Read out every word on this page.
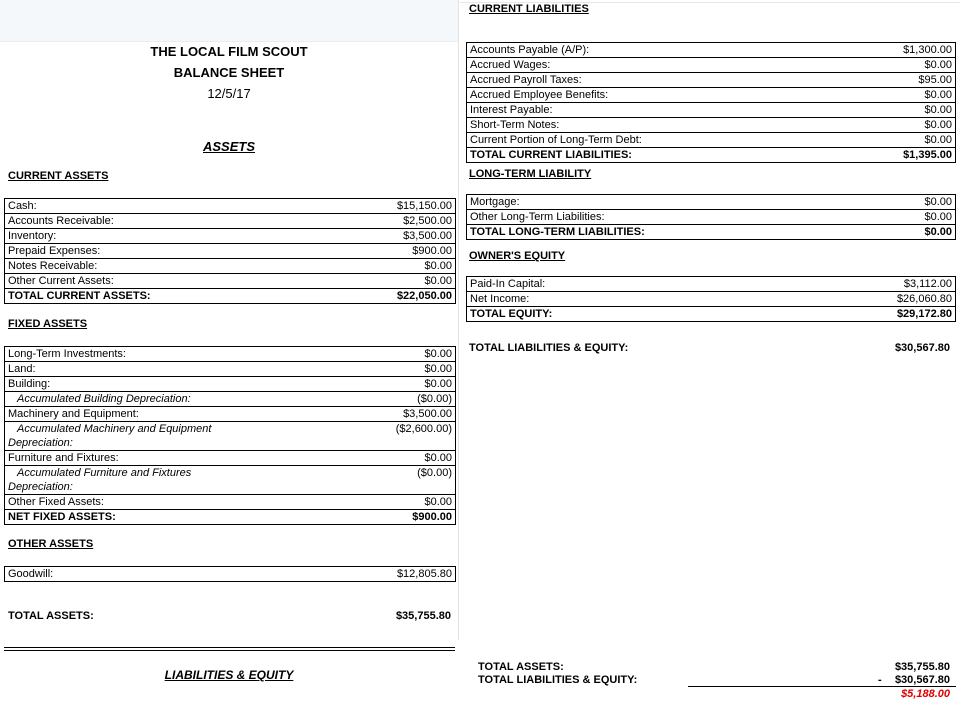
THE LOCAL FILM SCOUT
BALANCE SHEET
12/5/17
ASSETS
CURRENT ASSETS
Cash:	$15,150.00
Accounts Receivable:	$2,500.00
Inventory:	$3,500.00
Prepaid Expenses:	$900.00
Notes Receivable:	$0.00
Other Current Assets:	$0.00
TOTAL CURRENT ASSETS:	$22,050.00
FIXED ASSETS
Long-Term Investments:	$0.00
Land:	$0.00
Building:	$0.00
Accumulated Building Depreciation:	($0.00)
Machinery and Equipment:	$3,500.00

Accumulated Machinery and Equipment
Depreciation:	($2,600.00)
Furniture and Fixtures:	$0.00

Accumulated Furniture and Fixtures
Depreciation:	($0.00)
Other Fixed Assets:	$0.00
NET FIXED ASSETS:	$900.00
OTHER ASSETS
Goodwill:	$12,805.80
TOTAL ASSETS:	$35,755.80
LIABILITIES & EQUITY
CURRENT LIABILITIES
Accounts Payable (A/P):	$1,300.00
Accrued Wages:	$0.00
Accrued Payroll Taxes:	$95.00
Accrued Employee Benefits:	$0.00
Interest Payable:	$0.00
Short-Term Notes:	$0.00
Current Portion of Long-Term Debt:	$0.00
TOTAL CURRENT LIABILITIES:	$1,395.00
LONG-TERM LIABILITY
Mortgage:	$0.00
Other Long-Term Liabilities:	$0.00
TOTAL LONG-TERM LIABILITIES:	$0.00
OWNER'S EQUITY
Paid-In Capital:	$3,112.00
Net Income:	$26,060.80
TOTAL EQUITY:	$29,172.80
TOTAL LIABILITIES & EQUITY:	$30,567.80
TOTAL ASSETS:	$35,755.80
TOTAL LIABILITIES & EQUITY:	-	$30,567.80
$5,188.00
